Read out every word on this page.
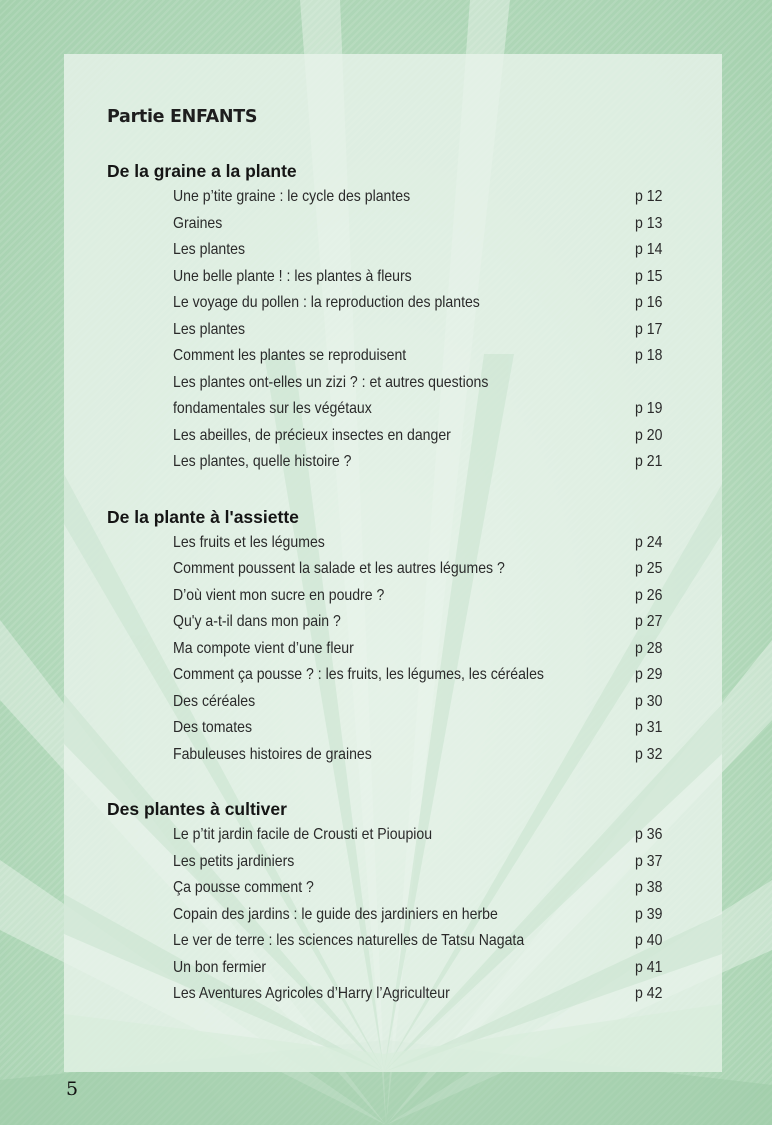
Partie ENFANTS
De la graine a la plante
Une p’tite graine : le cycle des plantes	p 12
Graines	p 13
Les plantes	p 14
Une belle plante ! : les plantes à fleurs	p 15
Le voyage du pollen : la reproduction des plantes	p 16
Les plantes	p 17
Comment les plantes se reproduisent	p 18
Les plantes ont-elles un zizi ? : et autres questions
fondamentales sur les végétaux	p 19
Les abeilles, de précieux insectes en danger	p 20
Les plantes, quelle histoire ?	p 21
De la plante à l'assiette
Les fruits et les légumes	p 24
Comment poussent la salade et les autres légumes ?	p 25
D’où vient mon sucre en poudre ?	p 26
Qu'y a-t-il dans mon pain ?	p 27
Ma compote vient d’une fleur	p 28
Comment ça pousse ? : les fruits, les légumes, les céréales	p 29
Des céréales	p 30
Des tomates	p 31
Fabuleuses histoires de graines	p 32
Des plantes à cultiver
Le p’tit jardin facile de Crousti et Pioupiou	p 36
Les petits jardiniers	p 37
Ça pousse comment ?	p 38
Copain des jardins : le guide des jardiniers en herbe	p 39
Le ver de terre : les sciences naturelles de Tatsu Nagata	p 40
Un bon fermier	p 41
Les Aventures Agricoles d’Harry l’Agriculteur	p 42
5
